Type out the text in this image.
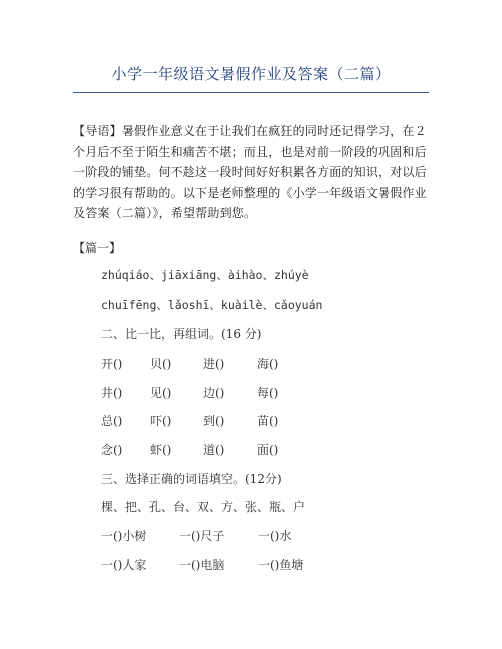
小学一年级语文暑假作业及答案（二篇）
【导语】暑假作业意义在于让我们在疯狂的同时还记得学习，在２个月后不至于陌生和痛苦不堪；而且，也是对前一阶段的巩固和后一阶段的铺垫。何不趁这一段时间好好积累各方面的知识，对以后的学习很有帮助的。以下是老师整理的《小学一年级语文暑假作业及答案（二篇）》，希望帮助到您。
【篇一】
zhúqiáo、jiāxiāng、àihào、zhúyè
chuīfēng、lǎoshī、kuàilè、cǎoyuán
二、比一比，再组词。(16 分)
开() 贝()	进()	海()
井() 见()	边()	每()
总() 吓()	到()	苗()
念() 虾()	道()	面()
三、选择正确的词语填空。(12分)
棵、把、孔、台、双、方、张、瓶、户
一()小树	一()尺子	一()水
一()人家	一()电脑	一()鱼塘
